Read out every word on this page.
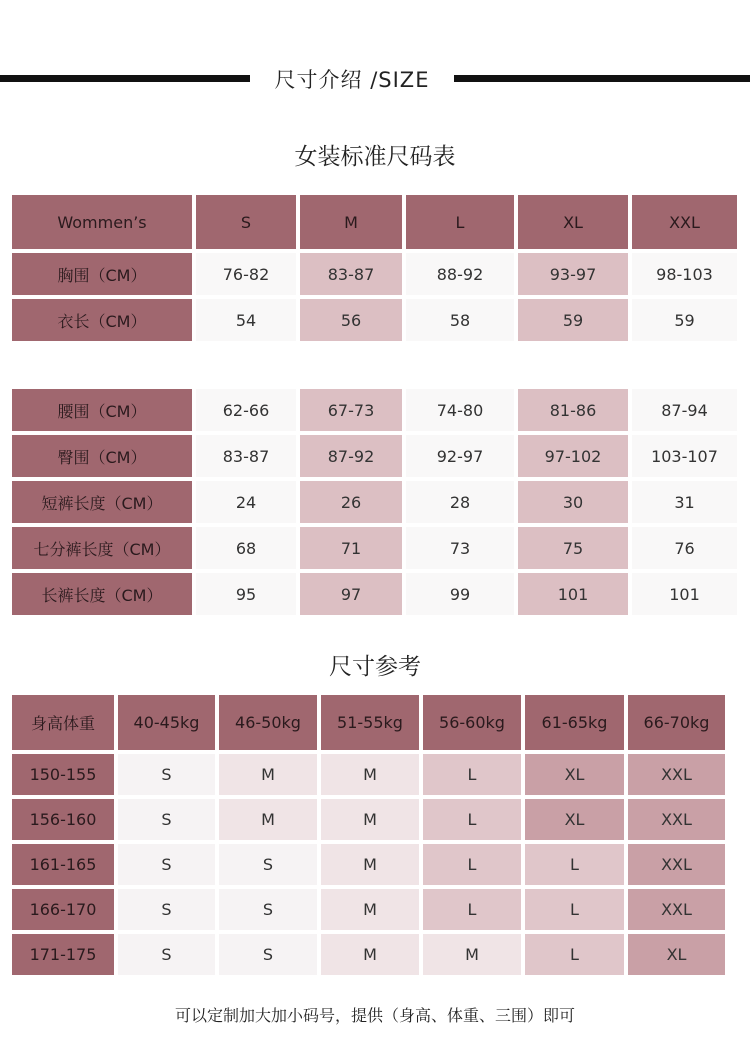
尺寸介绍 /SIZE
女装标准尺码表
Wommen’s	S	M	L	XL	XXL
胸围（CM）	76-82	83-87	88-92	93-97	98-103
衣长（CM）	54	56	58	59	59
腰围（CM）	62-66	67-73	74-80	81-86	87-94
臀围（CM）	83-87	87-92	92-97	97-102	103-107
短裤长度（CM）	24	26	28	30	31
七分裤长度（CM）	68	71	73	75	76
长裤长度（CM）	95	97	99	101	101
尺寸参考
身高体重	40-45kg	46-50kg	51-55kg	56-60kg	61-65kg	66-70kg
150-155	S	M	M	L	XL	XXL
156-160	S	M	M	L	XL	XXL
161-165	S	S	M	L	L	XXL
166-170	S	S	M	L	L	XXL
171-175	S	S	M	M	L	XL
可以定制加大加小码号，提供（身高、体重、三围）即可
